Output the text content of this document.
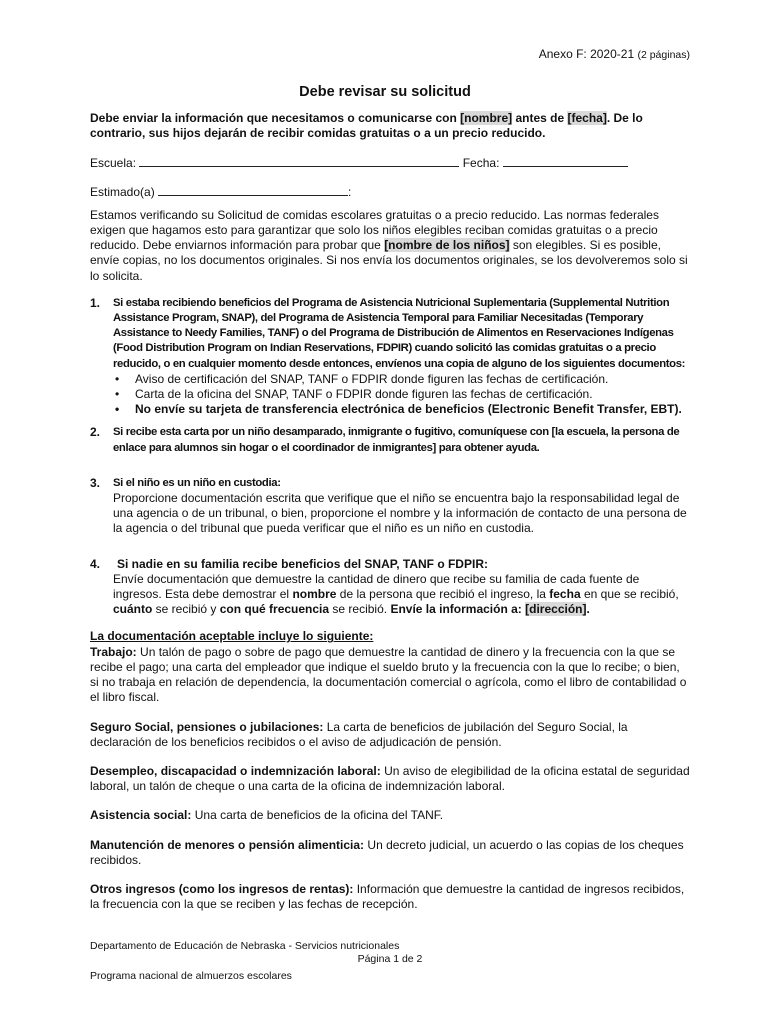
Anexo F: 2020-21 (2 páginas)
Debe revisar su solicitud

Debe enviar la información que necesitamos o comunicarse con [nombre] antes de [fecha]. De lo contrario, sus hijos dejarán de recibir comidas gratuitas o a un precio reducido.

Escuela:	Fecha:

Estimado(a)	:

Estamos verificando su Solicitud de comidas escolares gratuitas o a precio reducido. Las normas federales exigen que hagamos esto para garantizar que solo los niños elegibles reciban comidas gratuitas o a precio reducido. Debe enviarnos información para probar que [nombre de los niños] son elegibles. Si es posible, envíe copias, no los documentos originales. Si nos envía los documentos originales, se los devolveremos solo si lo solicita.

1. Si estaba recibiendo beneficios del Programa de Asistencia Nutricional Suplementaria (Supplemental Nutrition Assistance Program, SNAP), del Programa de Asistencia Temporal para Familiar Necesitadas (Temporary Assistance to Needy Families, TANF) o del Programa de Distribución de Alimentos en Reservaciones Indígenas (Food Distribution Program on Indian Reservations, FDPIR) cuando solicitó las comidas gratuitas o a precio reducido, o en cualquier momento desde entonces, envíenos una copia de alguno de los siguientes documentos:
• Aviso de certificación del SNAP, TANF o FDPIR donde figuren las fechas de certificación.
• Carta de la oficina del SNAP, TANF o FDPIR donde figuren las fechas de certificación.
• No envíe su tarjeta de transferencia electrónica de beneficios (Electronic Benefit Transfer, EBT).
2. Si recibe esta carta por un niño desamparado, inmigrante o fugitivo, comuníquese con [la escuela, la persona de enlace para alumnos sin hogar o el coordinador de inmigrantes] para obtener ayuda.
3. Si el niño es un niño en custodia:
Proporcione documentación escrita que verifique que el niño se encuentra bajo la responsabilidad legal de una agencia o de un tribunal, o bien, proporcione el nombre y la información de contacto de una persona de la agencia o del tribunal que pueda verificar que el niño es un niño en custodia.
4.	Si nadie en su familia recibe beneficios del SNAP, TANF o FDPIR:
Envíe documentación que demuestre la cantidad de dinero que recibe su familia de cada fuente de ingresos. Esta debe demostrar el nombre de la persona que recibió el ingreso, la fecha en que se recibió, cuánto se recibió y con qué frecuencia se recibió. Envíe la información a: [dirección].

La documentación aceptable incluye lo siguiente:

Trabajo: Un talón de pago o sobre de pago que demuestre la cantidad de dinero y la frecuencia con la que se recibe el pago; una carta del empleador que indique el sueldo bruto y la frecuencia con la que lo recibe; o bien, si no trabaja en relación de dependencia, la documentación comercial o agrícola, como el libro de contabilidad o el libro fiscal.

Seguro Social, pensiones o jubilaciones: La carta de beneficios de jubilación del Seguro Social, la declaración de los beneficios recibidos o el aviso de adjudicación de pensión.

Desempleo, discapacidad o indemnización laboral: Un aviso de elegibilidad de la oficina estatal de seguridad laboral, un talón de cheque o una carta de la oficina de indemnización laboral.

Asistencia social: Una carta de beneficios de la oficina del TANF.

Manutención de menores o pensión alimenticia: Un decreto judicial, un acuerdo o las copias de los cheques recibidos.

Otros ingresos (como los ingresos de rentas): Información que demuestre la cantidad de ingresos recibidos, la frecuencia con la que se reciben y las fechas de recepción.

Departamento de Educación de Nebraska - Servicios nutricionales
Página 1 de 2
Programa nacional de almuerzos escolares
